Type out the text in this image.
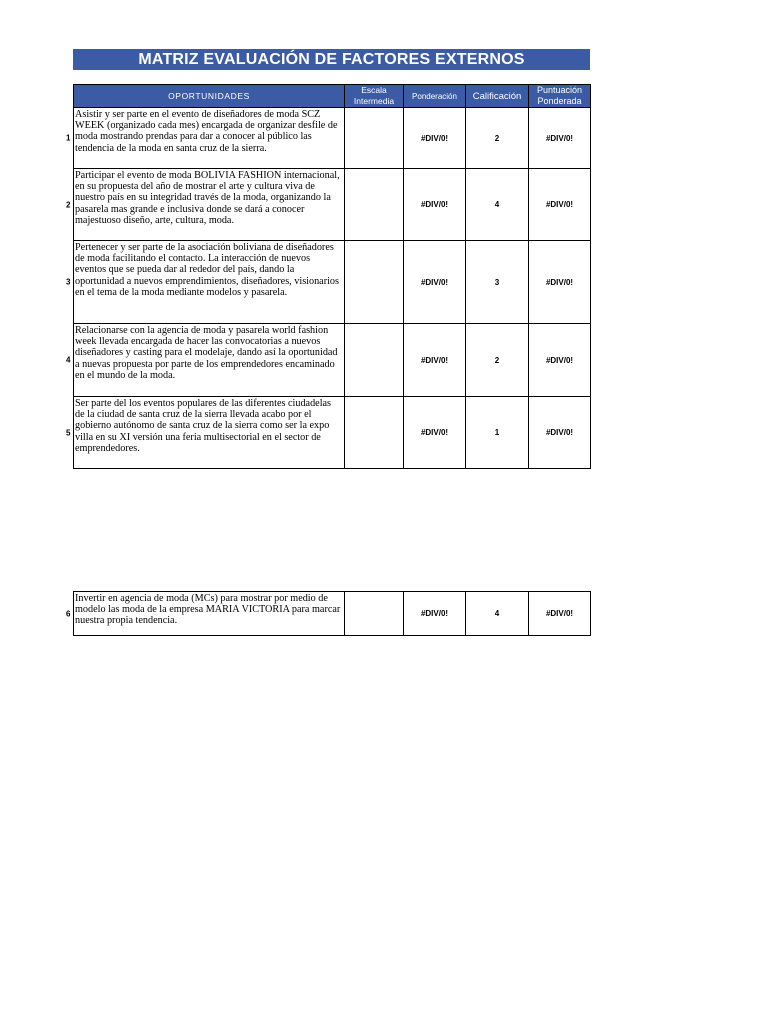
MATRIZ EVALUACIÓN DE FACTORES EXTERNOS
OPORTUNIDADES	Escala Intermedia	Ponderación	Calificación	Puntuación Ponderada

1
Asistir y ser parte en el evento de diseñadores de moda SCZ WEEK (organizado cada mes) encargada de organizar desfile de moda mostrando prendas para dar a conocer al público las tendencia de la moda en santa cruz de la sierra.		#DIV/0!	2	#DIV/0!

2
Participar el evento de moda BOLIVIA FASHION internacional, en su propuesta del año de mostrar el arte y cultura viva de nuestro país en su integridad través de la moda, organizando la pasarela mas grande e inclusiva donde se dará a conocer majestuoso diseño, arte, cultura, moda.		#DIV/0!	4	#DIV/0!

3
Pertenecer y ser parte de la asociación boliviana de diseñadores de moda facilitando el contacto. La interacción de nuevos eventos que se pueda dar al rededor del país, dando la oportunidad a nuevos emprendimientos, diseñadores, visionarios en el tema de la moda mediante modelos y pasarela.		#DIV/0!	3	#DIV/0!

4
Relacionarse con la agencia de moda y pasarela world fashion week llevada encargada de hacer las convocatorias a nuevos diseñadores y casting para el modelaje, dando así la oportunidad a nuevas propuesta por parte de los emprendedores encaminado en el mundo de la moda.		#DIV/0!	2	#DIV/0!

5
Ser parte del los eventos populares de las diferentes ciudadelas de la ciudad de santa cruz de la sierra llevada acabo por el gobierno autónomo de santa cruz de la sierra como ser la expo villa en su XI versión una feria multisectorial en el sector de emprendedores.		#DIV/0!	1	#DIV/0!
6
Invertir en agencia de moda (MCs) para mostrar por medio de modelo las moda de la empresa MARIA VICTORIA para marcar nuestra propia tendencia.		#DIV/0!	4	#DIV/0!
